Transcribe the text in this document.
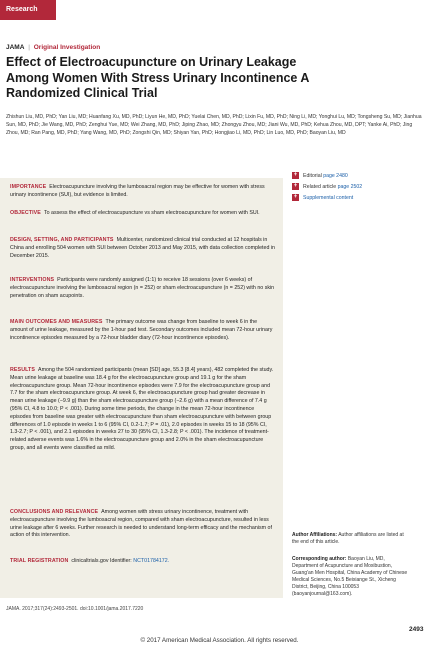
Research
JAMA | Original Investigation
Effect of Electroacupuncture on Urinary Leakage Among Women With Stress Urinary Incontinence A Randomized Clinical Trial

Zhishun Liu, MD, PhD; Yan Liu, MD; Huanfang Xu, MD, PhD; Liyun He, MD, PhD; Yuelai Chen, MD, PhD; Lixin Fu, MD, PhD; Ning Li, MD; Yonghui Lu, MD; Tongsheng Su, MD; Jianhua Sun, MD, PhD; Jie Wang, MD, PhD; Zenghui Yue, MD; Wei Zhang, MD, PhD; Jiping Zhao, MD; Zhongyu Zhou, MD; Jiani Wu, MD, PhD; Kehua Zhou, MD, DPT; Yanke Ai, PhD; Jing Zhou, MD; Ran Pang, MD, PhD; Yang Wang, MD, PhD; Zongshi Qin, MD; Shiyan Yan, PhD; Hongjiao Li, MD, PhD; Lin Luo, MD, PhD; Baoyan Liu, MD

IMPORTANCE Electroacupuncture involving the lumbosacral region may be effective for women with stress urinary incontinence (SUI), but evidence is limited.

OBJECTIVE To assess the effect of electroacupuncture vs sham electroacupuncture for women with SUI.

DESIGN, SETTING, AND PARTICIPANTS Multicenter, randomized clinical trial conducted at 12 hospitals in China and enrolling 504 women with SUI between October 2013 and May 2015, with data collection completed in December 2015.

INTERVENTIONS Participants were randomly assigned (1:1) to receive 18 sessions (over 6 weeks) of electroacupuncture involving the lumbosacral region (n = 252) or sham electroacupuncture (n = 252) with no skin penetration on sham acupoints.

MAIN OUTCOMES AND MEASURES The primary outcome was change from baseline to week 6 in the amount of urine leakage, measured by the 1-hour pad test. Secondary outcomes included mean 72-hour urinary incontinence episodes measured by a 72-hour bladder diary (72-hour incontinence episodes).

RESULTS Among the 504 randomized participants (mean [SD] age, 55.3 [8.4] years), 482 completed the study. Mean urine leakage at baseline was 18.4 g for the electroacupuncture group and 19.1 g for the sham electroacupuncture group. Mean 72-hour incontinence episodes were 7.9 for the electroacupuncture group and 7.7 for the sham electroacupuncture group. At week 6, the electroacupuncture group had greater decrease in mean urine leakage (−9.9 g) than the sham electroacupuncture group (−2.6 g) with a mean difference of 7.4 g (95% CI, 4.8 to 10.0; P < .001). During some time periods, the change in the mean 72-hour incontinence episodes from baseline was greater with electroacupuncture than sham electroacupuncture with between group differences of 1.0 episode in weeks 1 to 6 (95% CI, 0.2-1.7; P = .01), 2.0 episodes in weeks 15 to 18 (95% CI, 1.3-2.7; P < .001), and 2.1 episodes in weeks 27 to 30 (95% CI, 1.3-2.8; P < .001). The incidence of treatment-related adverse events was 1.6% in the electroacupuncture group and 2.0% in the sham electroacupuncture group, and all events were classified as mild.

CONCLUSIONS AND RELEVANCE Among women with stress urinary incontinence, treatment with electroacupuncture involving the lumbosacral region, compared with sham electroacupuncture, resulted in less urine leakage after 6 weeks. Further research is needed to understand long-term efficacy and the mechanism of action of this intervention.

TRIAL REGISTRATION clinicaltrials.gov Identifier: NCT01784172.

+	Editorial
page 2480
+	Related article
page 2502
+	Supplemental content

Author Affiliations: Author affiliations are listed at the end of this article.

Corresponding author: Baoyan Liu, MD, Department of Acupuncture and Moxibustion, Guang'an Men Hospital, China Academy of Chinese Medical Sciences, No.5 Beixiange St., Xicheng District, Beijing, China 100053 (baoyanjournal@163.com).

JAMA. 2017;317(24):2493-2501. doi:10.1001/jama.2017.7220
2493
© 2017 American Medical Association. All rights reserved.
